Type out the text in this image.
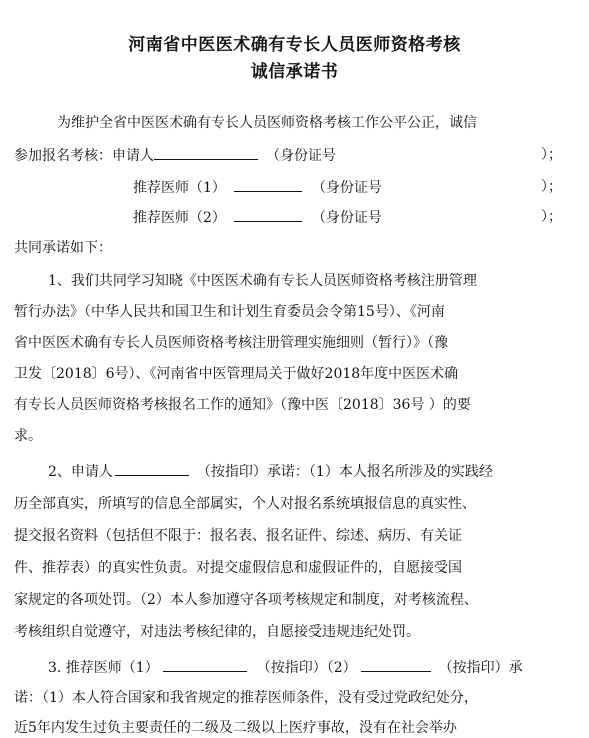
河南省中医医术确有专长人员医师资格考核
诚信承诺书
为维护全省中医医术确有专长人员医师资格考核工作公平公正，诚信
参加报名考核：申请人	（身份证号	）；
推荐医师（1）	（身份证号	）；
推荐医师（2）	（身份证号	）；
共同承诺如下：
1、我们共同学习知晓《中医医术确有专长人员医师资格考核注册管理
暂行办法》（中华人民共和国卫生和计划生育委员会令第15号）、《河南
省中医医术确有专长人员医师资格考核注册管理实施细则（暂行）》（豫
卫发〔2018〕6号）、《河南省中医管理局关于做好2018年度中医医术确
有专长人员医师资格考核报名工作的通知》（豫中医〔2018〕36号 ）的要
求。
2、申请人	（按指印）承诺：（1）本人报名所涉及的实践经
历全部真实，所填写的信息全部属实，个人对报名系统填报信息的真实性、
提交报名资料（包括但不限于：报名表、报名证件、综述、病历、有关证
件、推荐表）的真实性负责。对提交虚假信息和虚假证件的，自愿接受国
家规定的各项处罚。（2）本人参加遵守各项考核规定和制度，对考核流程、
考核组织自觉遵守，对违法考核纪律的，自愿接受违规违纪处罚。
3. 推荐医师（1）	（按指印）（2）	（按指印）承
诺：（1）本人符合国家和我省规定的推荐医师条件，没有受过党政纪处分，
近5年内发生过负主要责任的二级及二级以上医疗事故，没有在社会举办
